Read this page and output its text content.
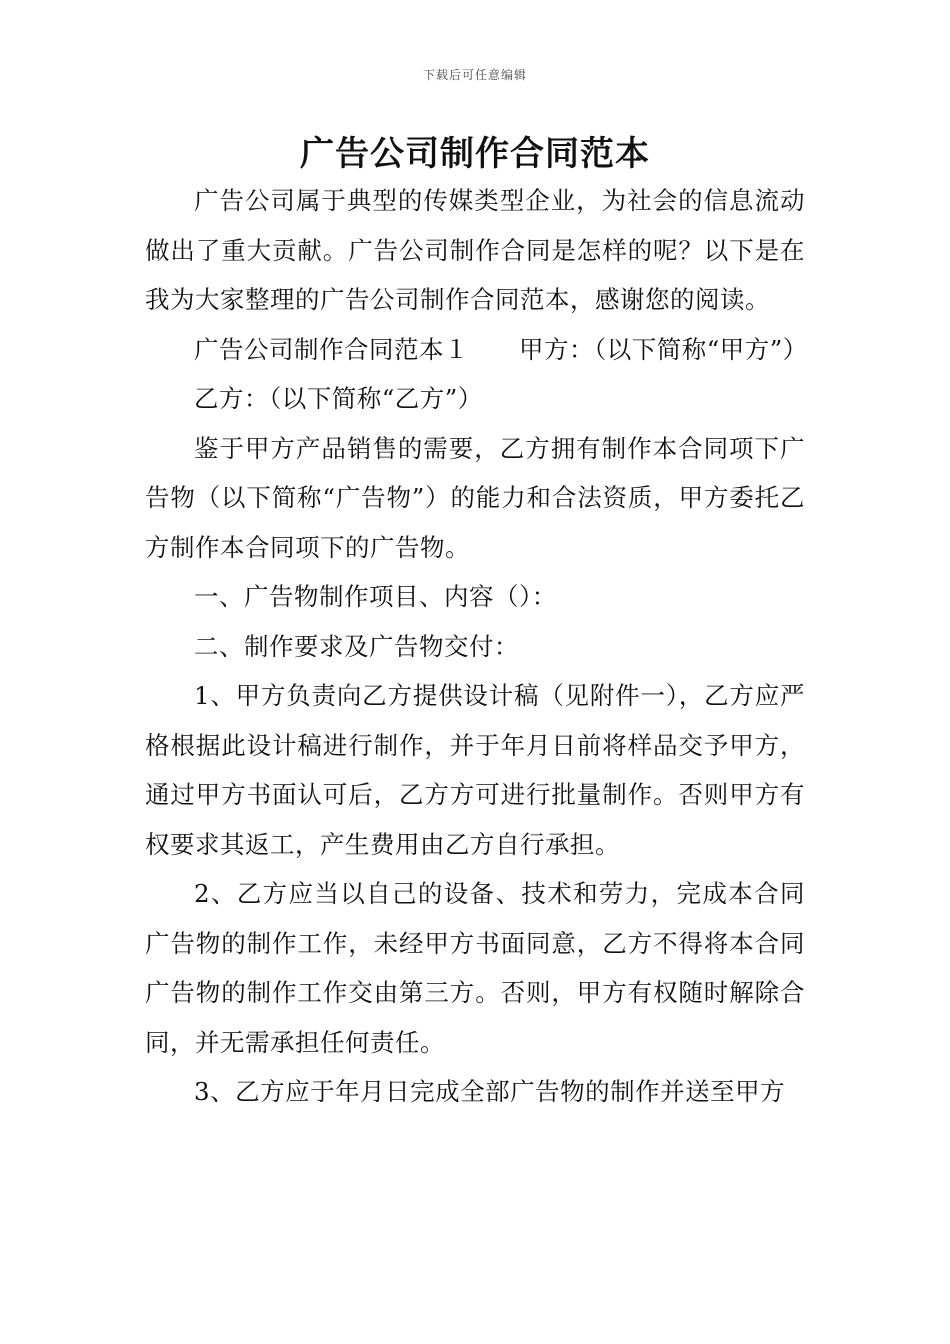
下载后可任意编辑
广告公司制作合同范本

广告公司属于典型的传媒类型企业，为社会的信息流动做出了重大贡献。广告公司制作合同是怎样的呢？以下是在我为大家整理的广告公司制作合同范本，感谢您的阅读。

广告公司制作合同范本１　　甲方：（以下简称“甲方”）

乙方：（以下简称“乙方”）

鉴于甲方产品销售的需要，乙方拥有制作本合同项下广告物（以下简称“广告物”）的能力和合法资质，甲方委托乙方制作本合同项下的广告物。

一、广告物制作项目、内容（）：

二、制作要求及广告物交付：

1、甲方负责向乙方提供设计稿（见附件一），乙方应严格根据此设计稿进行制作，并于年月日前将样品交予甲方，通过甲方书面认可后，乙方方可进行批量制作。否则甲方有权要求其返工，产生费用由乙方自行承担。

2、乙方应当以自己的设备、技术和劳力，完成本合同广告物的制作工作，未经甲方书面同意，乙方不得将本合同广告物的制作工作交由第三方。否则，甲方有权随时解除合同，并无需承担任何责任。

3、乙方应于年月日完成全部广告物的制作并送至甲方
